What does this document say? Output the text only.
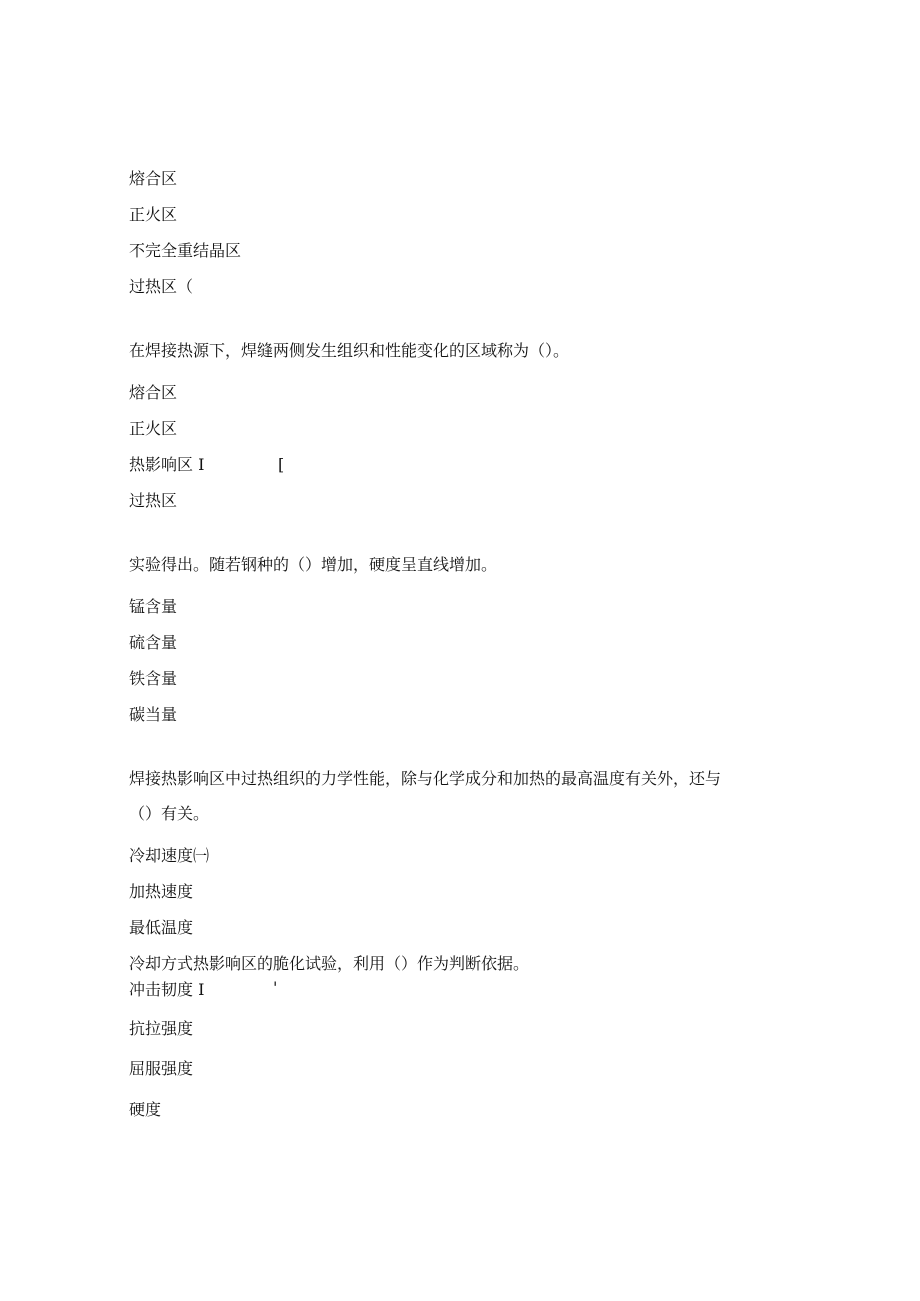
熔合区
正火区
不完全重结晶区
过热区（
在焊接热源下，焊缝两侧发生组织和性能变化的区域称为（）。
熔合区
正火区
热影响区 I	[
过热区
实验得出。随若钢种的（）增加，硬度呈直线增加。
锰含量
硫含量
铁含量
碳当量
焊接热影响区中过热组织的力学性能，除与化学成分和加热的最高温度有关外，还与
（）有关。
冷却速度㈠
加热速度
最低温度
冷却方式热影响区的脆化试验，利用（）作为判断依据。
冲击韧度 I	'
抗拉强度
屈服强度
硬度
